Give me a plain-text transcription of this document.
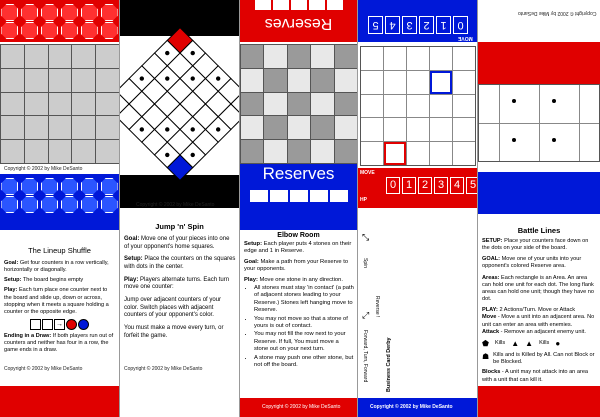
Copyright © 2002 by Mike DeSanto
The Lineup Shuffle
Goal: Get four counters in a row vertically, horizontally or diagonally.
Setup: The board begins empty
Play: Each turn place one counter next to the board and slide up, down or across, stopping when it meets a square holding a counter or the opposite edge.
→
Ending in a Draw: If both players run out of counters and neither has four in a row, the game ends in a draw.
Copyright © 2002 by Mike DeSanto
Copyright © 2002 by Mike DeSanto
Jump 'n' Spin
Goal: Move one of your pieces into one of your opponent's home squares.
Setup: Place the counters on the squares with dots in the center.
Play: Players alternate turns. Each turn move one counter:
Jump over adjacent counters of your color. Switch places with adjacent counters of your opponent's color.
You must make a move every turn, or forfeit the game.
Copyright © 2002 by Mike DeSanto
Reserves
Reserves
Elbow Room
Setup: Each player puts 4 stones on their edge and 1 in Reserve.
Goal: Make a path from your Reserve to your opponents.
Play: Move one stone in any direction.
• All stones must stay 'in contact' (a path of adjacent stones leading to your Reserve.) Stones left hanging move to Reserve.
• You may not move so that a stone of yours is out of contact.
• You may not fill the row next to your Reserve. If full, You must move a stone out on your next turn.
• A stone may push one other stone, but not off the board.
Copyright © 2002 by Mike DeSanto
0
1
2
3
4
5
MOVE
MOVE
0 1 2 3 4 5
HP
Business Card Derby
⤡
Spin
⤢
Forward, Turn, Forward
Reverse !
Copyright © 2002 by Mike DeSanto
Copyright © 2002 by Mike DeSanto
Battle Lines
SETUP: Place your counters face down on the dots on your side of the board.
GOAL: Move one of your units into your opponent's colored Reserve area.
Areas: Each rectangle is an Area. An area can hold one unit for each dot. The long flank areas can hold one unit; though they have no dot.
PLAY: 2 Actions/Turn. Move or Attack
Move - Move a unit into an adjacent area. No unit can enter an area with enemies.
Attack - Remove an adjacent enemy unit.
⬟ Kills ▲ ▲ Kills ●
☗ Kills and is Killed by All. Can not Block or be Blocked.
Blocks - A unit may not attack into an area with a unit that can kill it.
